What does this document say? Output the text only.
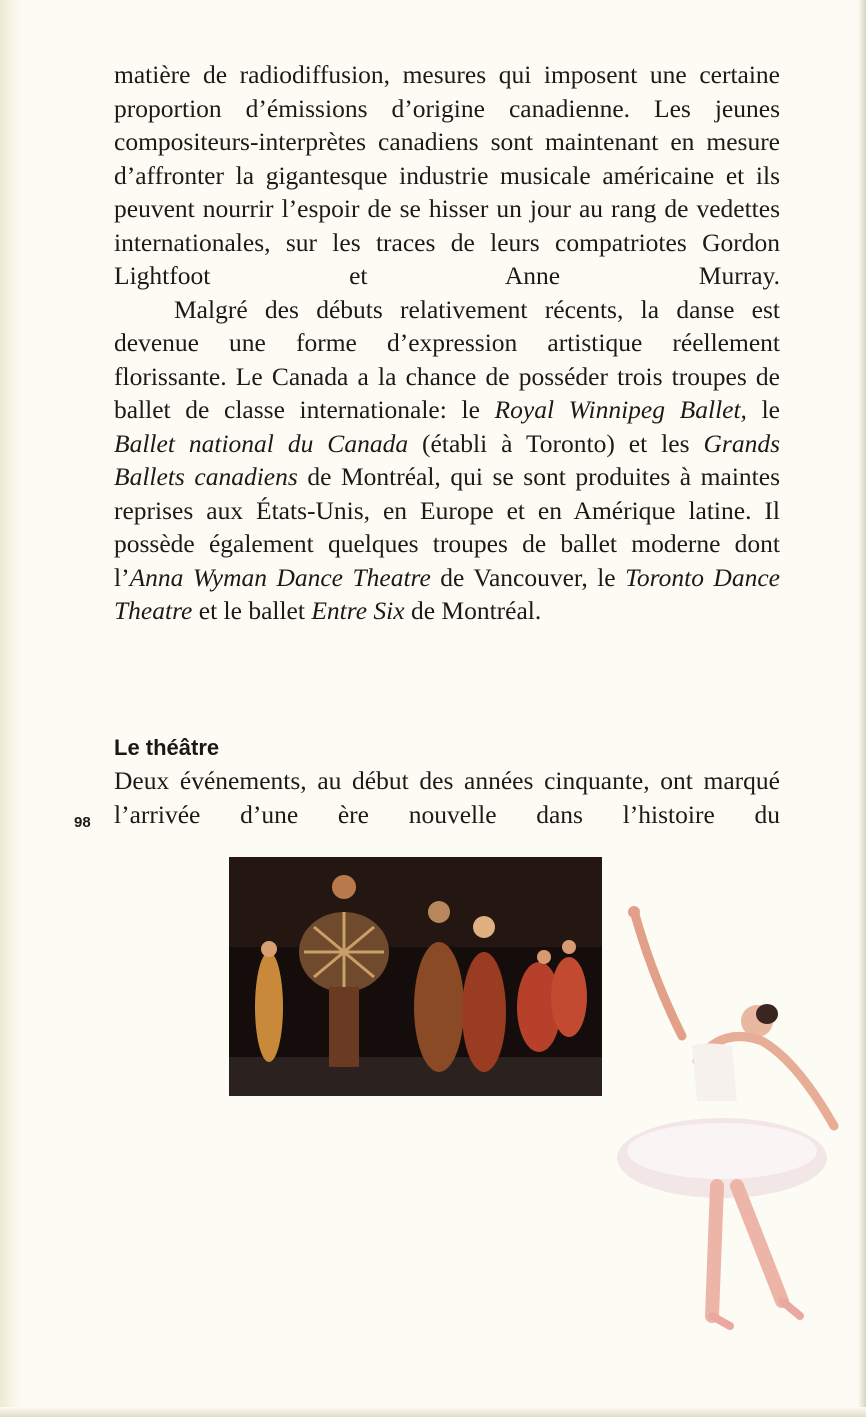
matière de radiodiffusion, mesures qui imposent une certaine proportion d’émissions d’origine canadienne. Les jeunes compositeurs-interprètes canadiens sont maintenant en mesure d’affronter la gigantesque industrie musicale américaine et ils peuvent nourrir l’espoir de se hisser un jour au rang de vedettes internationales, sur les traces de leurs compatriotes Gordon Lightfoot et Anne Murray.

Malgré des débuts relativement récents, la danse est devenue une forme d’expression artistique réellement florissante. Le Canada a la chance de posséder trois troupes de ballet de classe internationale: le Royal Winnipeg Ballet, le Ballet national du Canada (établi à Toronto) et les Grands Ballets canadiens de Montréal, qui se sont produites à maintes reprises aux États-Unis, en Europe et en Amérique latine. Il possède également quelques troupes de ballet moderne dont l’Anna Wyman Dance Theatre de Vancouver, le Toronto Dance Theatre et le ballet Entre Six de Montréal.

Le théâtre

Deux événements, au début des années cinquante, ont marqué l’arrivée d’une ère nouvelle dans l’histoire du

98
